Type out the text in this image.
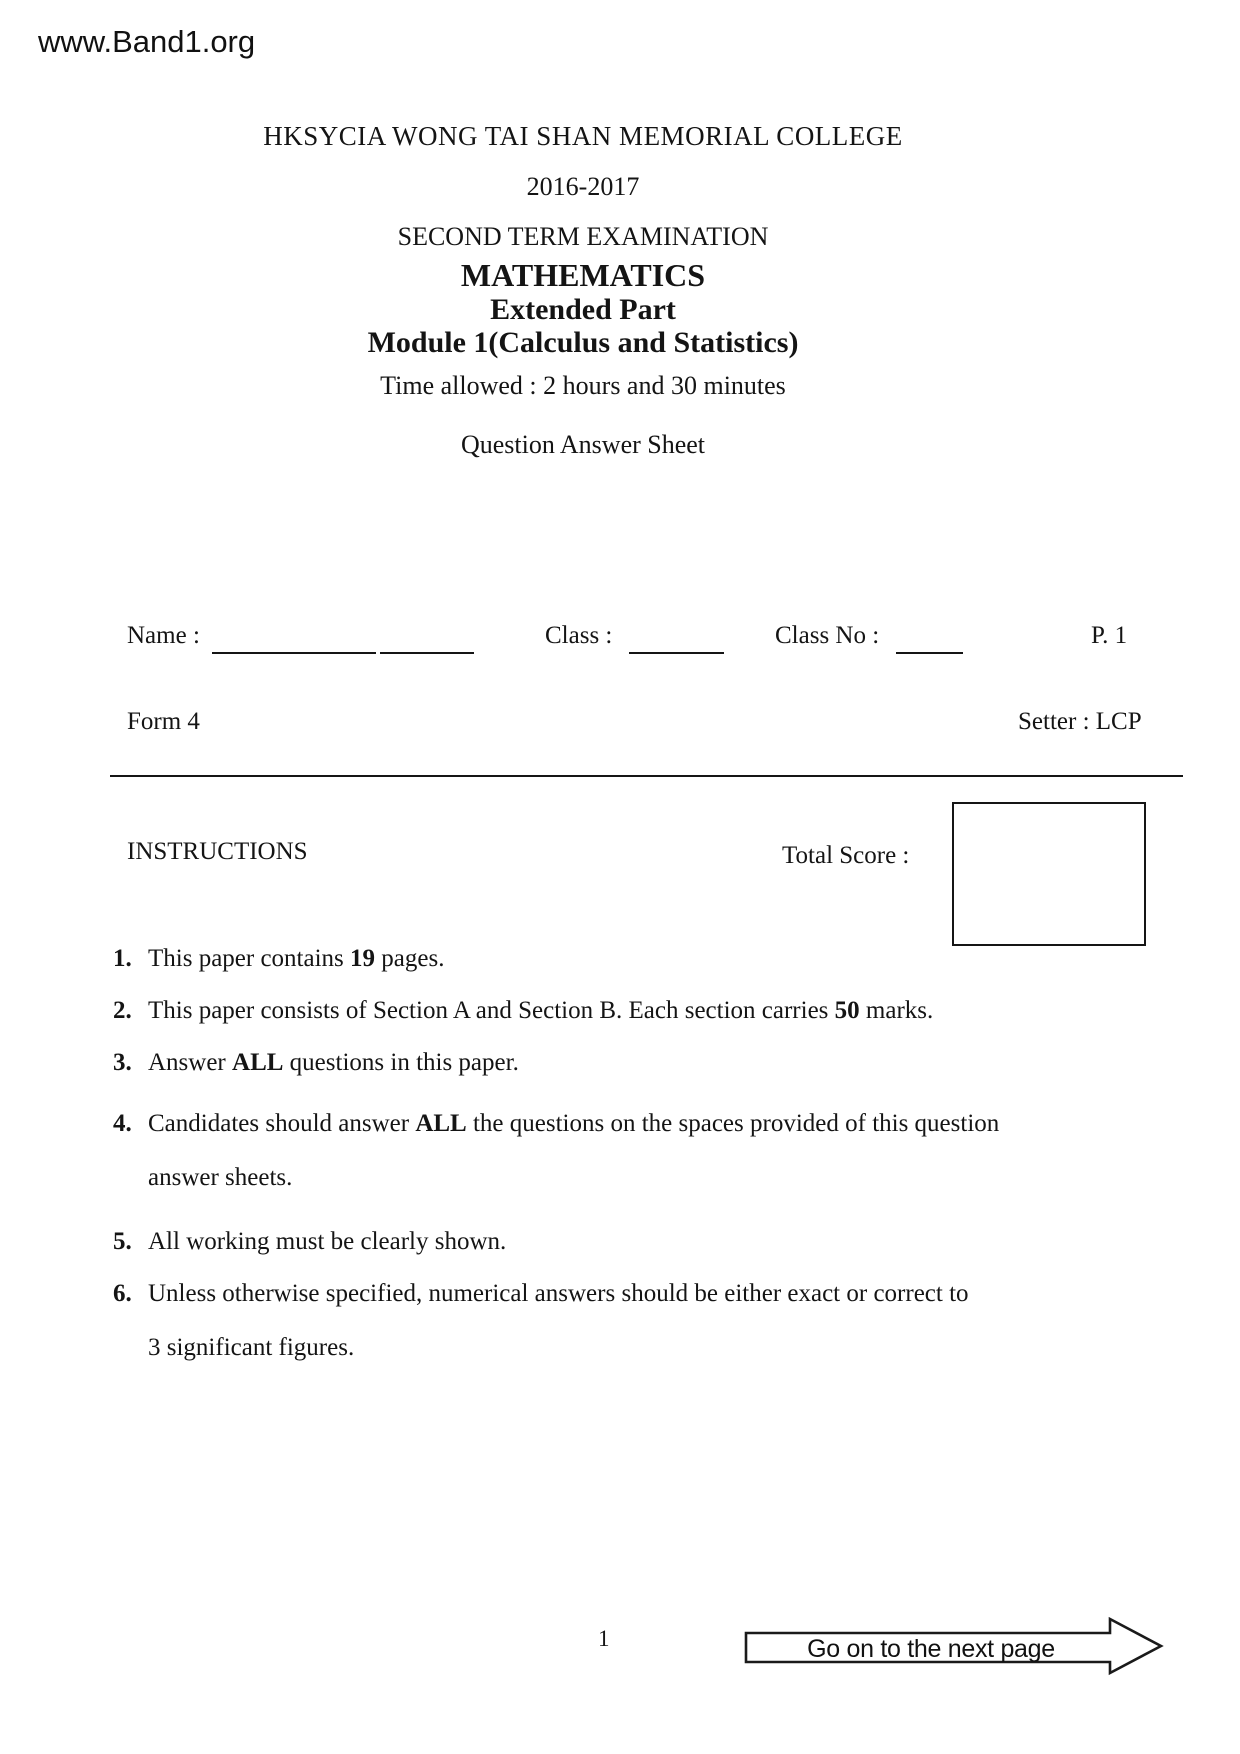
www.Band1.org
HKSYCIA WONG TAI SHAN MEMORIAL COLLEGE
2016-2017
SECOND TERM EXAMINATION
MATHEMATICS
Extended Part
Module 1(Calculus and Statistics)
Time allowed : 2 hours and 30 minutes
Question Answer Sheet
Name :	Class :	Class No :	P. 1
Form 4	Setter : LCP
INSTRUCTIONS	Total Score :
1. This paper contains 19 pages.
2. This paper consists of Section A and Section B. Each section carries 50 marks.
3. Answer ALL questions in this paper.
4. Candidates should answer ALL the questions on the spaces provided of this question
answer sheets.
5. All working must be clearly shown.
6. Unless otherwise specified, numerical answers should be either exact or correct to
3 significant figures.
1	Go on to the next page
